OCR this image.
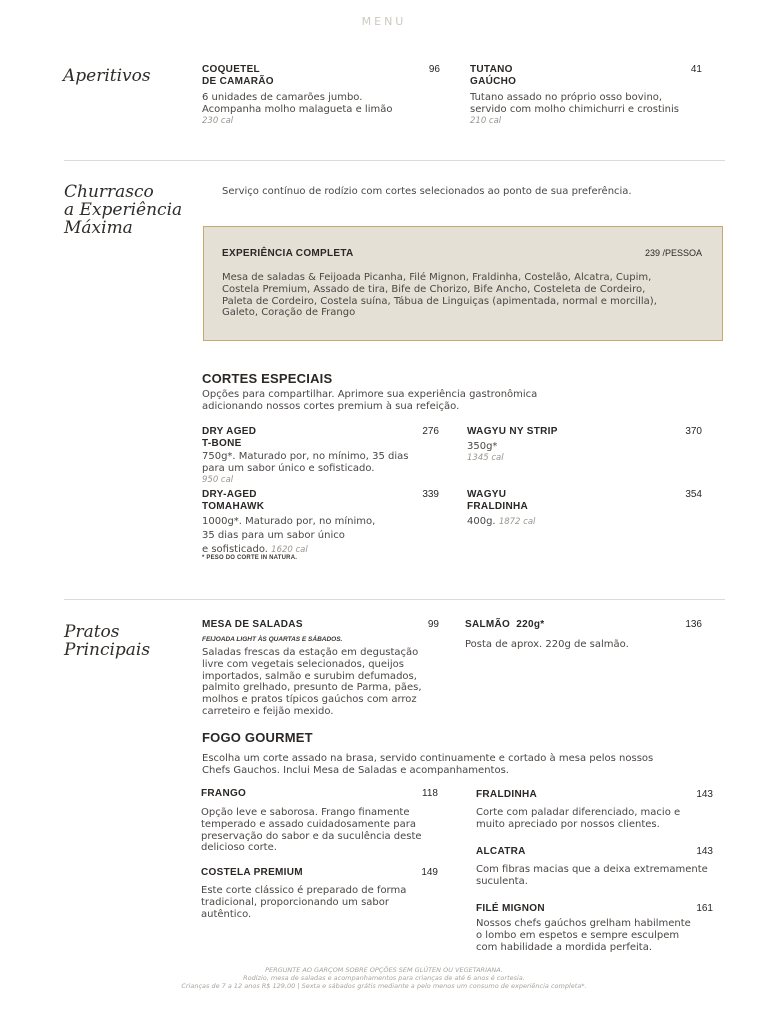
MENU
Aperitivos	COQUETEL
DE CAMARÃO
96
6 unidades de camarões jumbo.
Acompanha molho malagueta e limão
230 cal
TUTANO
GAÚCHO
41
Tutano assado no próprio osso bovino,
servido com molho chimichurri e crostinis
210 cal
Churrasco
a Experiência
Máxima
Serviço contínuo de rodízio com cortes selecionados ao ponto de sua preferência.
EXPERIÊNCIA COMPLETA	239 /PESSOA
Mesa de saladas & Feijoada Picanha, Filé Mignon, Fraldinha, Costelão, Alcatra, Cupim,
Costela Premium, Assado de tira, Bife de Chorizo, Bife Ancho, Costeleta de Cordeiro,
Paleta de Cordeiro, Costela suína, Tábua de Linguiças (apimentada, normal e morcilla),
Galeto, Coração de Frango
CORTES ESPECIAIS
Opções para compartilhar. Aprimore sua experiência gastronômica
adicionando nossos cortes premium à sua refeição.
DRY AGED
T-BONE
276
750g*. Maturado por, no mínimo, 35 dias
para um sabor único e sofisticado.
950 cal
WAGYU NY STRIP	370
350g*
1345 cal
DRY-AGED
TOMAHAWK
339
1000g*. Maturado por, no mínimo,
35 dias para um sabor único
e sofisticado. 1620 cal
WAGYU
FRALDINHA
354
400g. 1872 cal
* PESO DO CORTE IN NATURA.
Pratos
Principais
MESA DE SALADAS	99
FEIJOADA LIGHT ÀS QUARTAS E SÁBADOS.
Saladas frescas da estação em degustação
livre com vegetais selecionados, queijos
importados, salmão e surubim defumados,
palmito grelhado, presunto de Parma, pães,
molhos e pratos típicos gaúchos com arroz
carreteiro e feijão mexido.
SALMÃO  220g*	136
Posta de aprox. 220g de salmão.
FOGO GOURMET
Escolha um corte assado na brasa, servido continuamente e cortado à mesa pelos nossos
Chefs Gauchos. Inclui Mesa de Saladas e acompanhamentos.
FRANGO	118
Opção leve e saborosa. Frango finamente
temperado e assado cuidadosamente para
preservação do sabor e da suculência deste
delicioso corte.
FRALDINHA	143
Corte com paladar diferenciado, macio e
muito apreciado por nossos clientes.
ALCATRA	143
Com fibras macias que a deixa extremamente
suculenta.
COSTELA PREMIUM	149
Este corte clássico é preparado de forma
tradicional, proporcionando um sabor
autêntico.
FILÉ MIGNON	161
Nossos chefs gaúchos grelham habilmente
o lombo em espetos e sempre esculpem
com habilidade a mordida perfeita.
PERGUNTE AO GARÇOM SOBRE OPÇÕES SEM GLÚTEN OU VEGETARIANA.
Rodízio, mesa de saladas e acompanhamentos para crianças de até 6 anos é cortesia.
Crianças de 7 a 12 anos R$ 129,00 | Sexta e sábados grátis mediante a pelo menos um consumo de experiência completa*.
